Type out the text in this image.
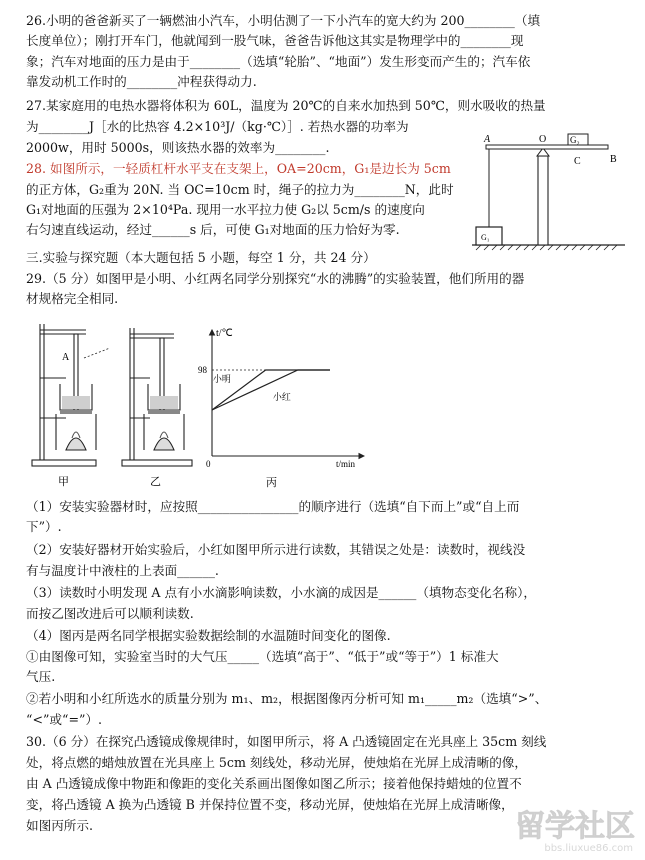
26.小明的爸爸新买了一辆燃油小汽车，小明估测了一下小汽车的宽大约为 200________（填
长度单位）；刚打开车门，他就闻到一股气味，爸爸告诉他这其实是物理学中的________现
象；汽车对地面的压力是由于________（选填“轮胎”、“地面”）发生形变而产生的；汽车依
靠发动机工作时的________冲程获得动力.
27.某家庭用的电热水器将体积为 60L，温度为 20℃的自来水加热到 50℃，则水吸收的热量
为________J［水的比热容 4.2×10³J/（kg·℃）］. 若热水器的功率为
2000w，用时 5000s，则该热水器的效率为________.
28. 如图所示，一轻质杠杆水平支在支架上，OA=20cm，G₁是边长为 5cm
的正方体，G₂重为 20N. 当 OC=10cm 时，绳子的拉力为________N，此时
G₁对地面的压强为 2×10⁴Pa. 现用一水平拉力使 G₂以 5cm/s 的速度向
右匀速直线运动，经过______s 后，可使 G₁对地面的压力恰好为零.
三.实验与探究题（本大题包括 5 小题，每空 1 分，共 24 分）
29.（5 分）如图甲是小明、小红两名同学分别探究“水的沸腾”的实验装置，他们所用的器
材规格完全相同.
（1）安装实验器材时，应按照________________的顺序进行（选填“自下而上”或“自上而
下”）.
（2）安装好器材开始实验后，小红如图甲所示进行读数，其错误之处是：读数时，视线没
有与温度计中液柱的上表面______.
（3）读数时小明发现 A 点有小水滴影响读数，小水滴的成因是______（填物态变化名称），
而按乙图改进后可以顺利读数.
（4）图丙是两名同学根据实验数据绘制的水温随时间变化的图像.
①由图像可知，实验室当时的大气压_____（选填“高于”、“低于”或“等于”）1 标准大
气压.
②若小明和小红所选水的质量分别为 m₁、m₂，根据图像丙分析可知 m₁_____m₂（选填“>”、
“<”或“=”）.
30.（6 分）在探究凸透镜成像规律时，如图甲所示，将 A 凸透镜固定在光具座上 35cm 刻线
处，将点燃的蜡烛放置在光具座上 5cm 刻线处，移动光屏，使烛焰在光屏上成清晰的像，
由 A 凸透镜成像中物距和像距的变化关系画出图像如图乙所示；接着他保持蜡烛的位置不
变，将凸透镜 A 换为凸透镜 B 并保持位置不变，移动光屏，使烛焰在光屏上成清晰像，
如图丙所示.
A	O	G₂
B
C
G₁
A
甲	乙
t/℃
t/min
0
丙
98
小明
小红
留学社区
bbs.liuxue86.com
